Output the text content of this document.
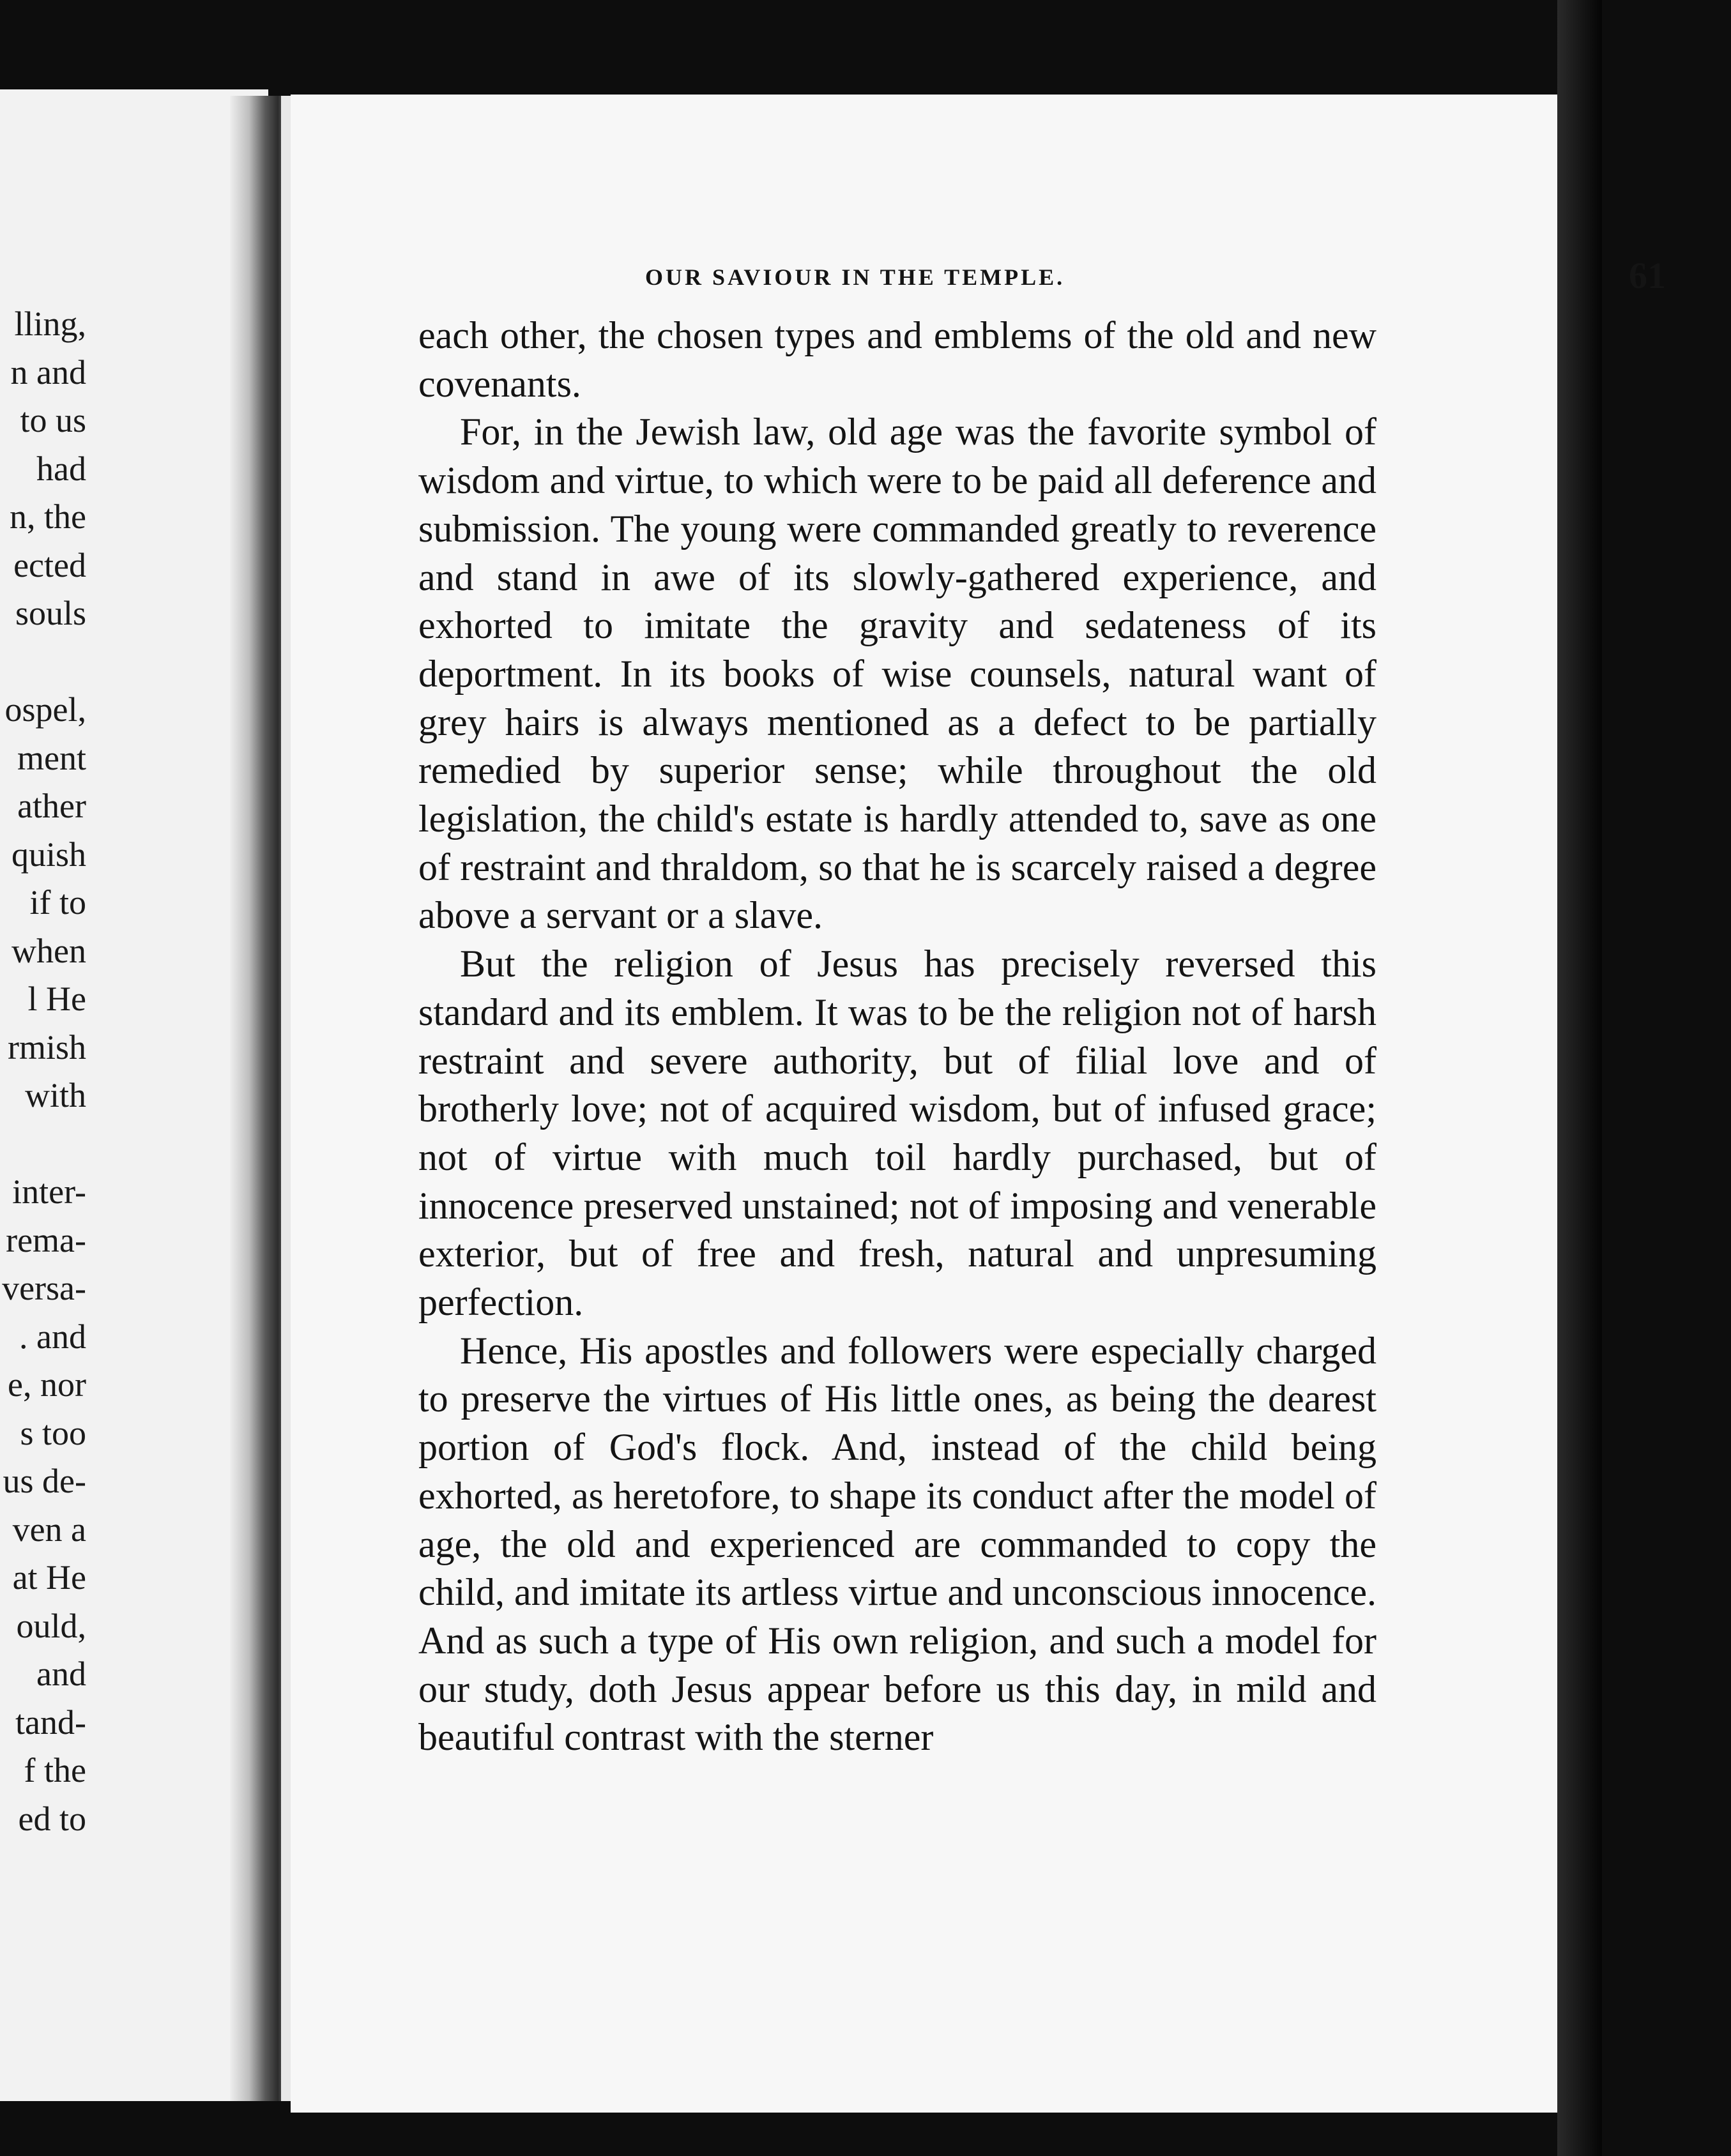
lling,
n and
to us
had
n, the
ected
souls
ospel,
ment
ather
quish
if to
when
l He
rmish
with
inter-
rema-
versa-
. and
e, nor
s too
us de-
ven a
at He
ould,
and
tand-
f the
ed to
OUR SAVIOUR IN THE TEMPLE.	61

each other, the chosen types and emblems of the old and new covenants.

For, in the Jewish law, old age was the favorite symbol of wisdom and virtue, to which were to be paid all deference and submission. The young were commanded greatly to reverence and stand in awe of its slowly-gathered experience, and exhorted to imitate the gravity and sedateness of its deportment. In its books of wise counsels, natural want of grey hairs is always mentioned as a defect to be partially remedied by superior sense; while throughout the old legislation, the child's estate is hardly attended to, save as one of restraint and thraldom, so that he is scarcely raised a degree above a servant or a slave.

But the religion of Jesus has precisely reversed this standard and its emblem. It was to be the religion not of harsh restraint and severe authority, but of filial love and of brotherly love; not of acquired wisdom, but of infused grace; not of virtue with much toil hardly purchased, but of innocence preserved unstained; not of imposing and venerable exterior, but of free and fresh, natural and unpresuming perfection.

Hence, His apostles and followers were especially charged to preserve the virtues of His little ones, as being the dearest portion of God's flock. And, instead of the child being exhorted, as heretofore, to shape its conduct after the model of age, the old and experienced are commanded to copy the child, and imitate its artless virtue and unconscious innocence. And as such a type of His own religion, and such a model for our study, doth Jesus appear before us this day, in mild and beautiful contrast with the sterner
